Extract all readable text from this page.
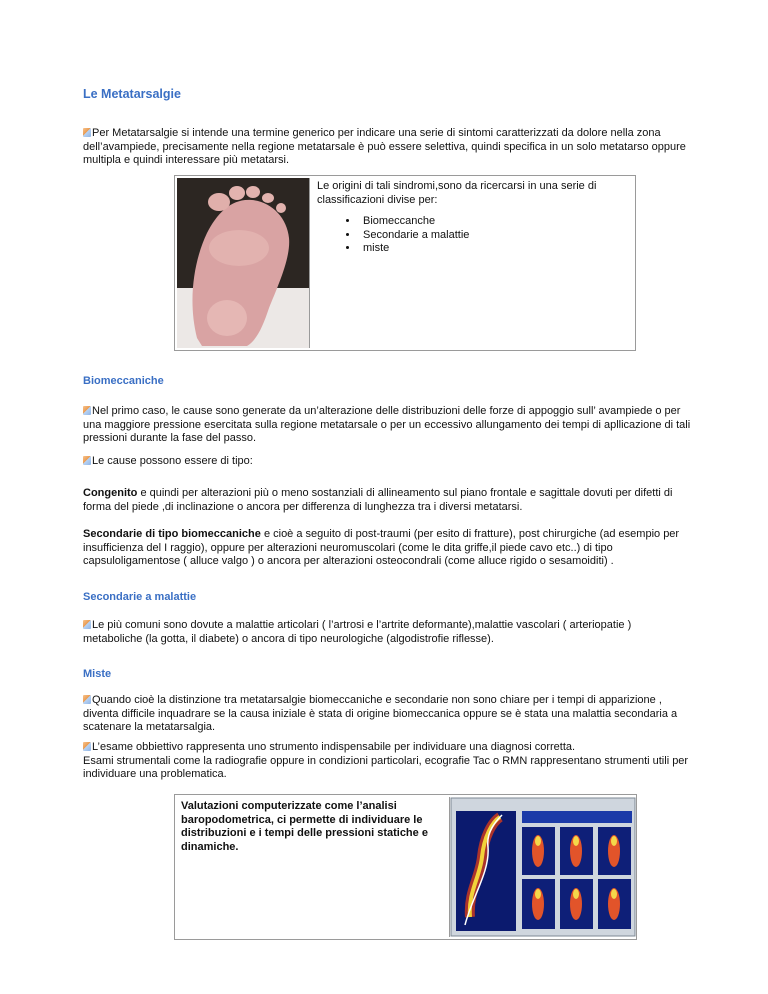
Le Metatarsalgie

Per Metatarsalgie si intende una termine generico per indicare una serie di sintomi caratterizzati da dolore nella zona dell’avampiede, precisamente nella regione metatarsale è può essere selettiva, quindi specifica in un solo metatarso oppure multipla e quindi interessare più metatarsi.

Le origini di tali sindromi,sono da ricercarsi in una serie di classificazioni divise per:
• Biomeccanche
• Secondarie a malattie
• miste
Biomeccaniche

Nel primo caso, le cause sono generate da un’alterazione delle distribuzioni delle forze di appoggio sull’ avampiede o per una maggiore pressione esercitata sulla regione metatarsale o per un eccessivo allungamento dei tempi di apllicazione di tali pressioni durante la fase del passo.

Le cause possono essere di tipo:

Congenito e quindi per alterazioni più o meno sostanziali di allineamento sul piano frontale e sagittale dovuti per difetti di forma del piede ,di inclinazione o ancora per differenza di lunghezza tra i diversi metatarsi.

Secondarie di tipo biomeccaniche e cioè a seguito di post-traumi (per esito di fratture), post chirurgiche (ad esempio per insufficienza del I raggio), oppure per alterazioni neuromuscolari (come le dita griffe,il piede cavo etc..) di tipo capsuloligamentose ( alluce valgo ) o ancora per alterazioni osteocondrali (come alluce rigido o sesamoiditi) .

Secondarie a malattie

Le più comuni sono dovute a malattie articolari ( l’artrosi e l’artrite deformante),malattie vascolari ( arteriopatie ) metaboliche (la gotta, il diabete) o ancora di tipo neurologiche (algodistrofie riflesse).

Miste

Quando cioè la distinzione tra metatarsalgie biomeccaniche e secondarie non sono chiare per i tempi di apparizione , diventa difficile inquadrare se la causa iniziale è stata di origine biomeccanica oppure se è stata una malattia secondaria a scatenare la metatarsalgia.

L’esame obbiettivo rappresenta uno strumento indispensabile per individuare una diagnosi corretta.
Esami strumentali come la radiografie oppure in condizioni particolari, ecografie Tac o RMN rappresentano strumenti utili per individuare una problematica.

Valutazioni computerizzate come l’analisi baropodometrica, ci permette di individuare le distribuzioni e i tempi delle pressioni statiche e dinamiche.
